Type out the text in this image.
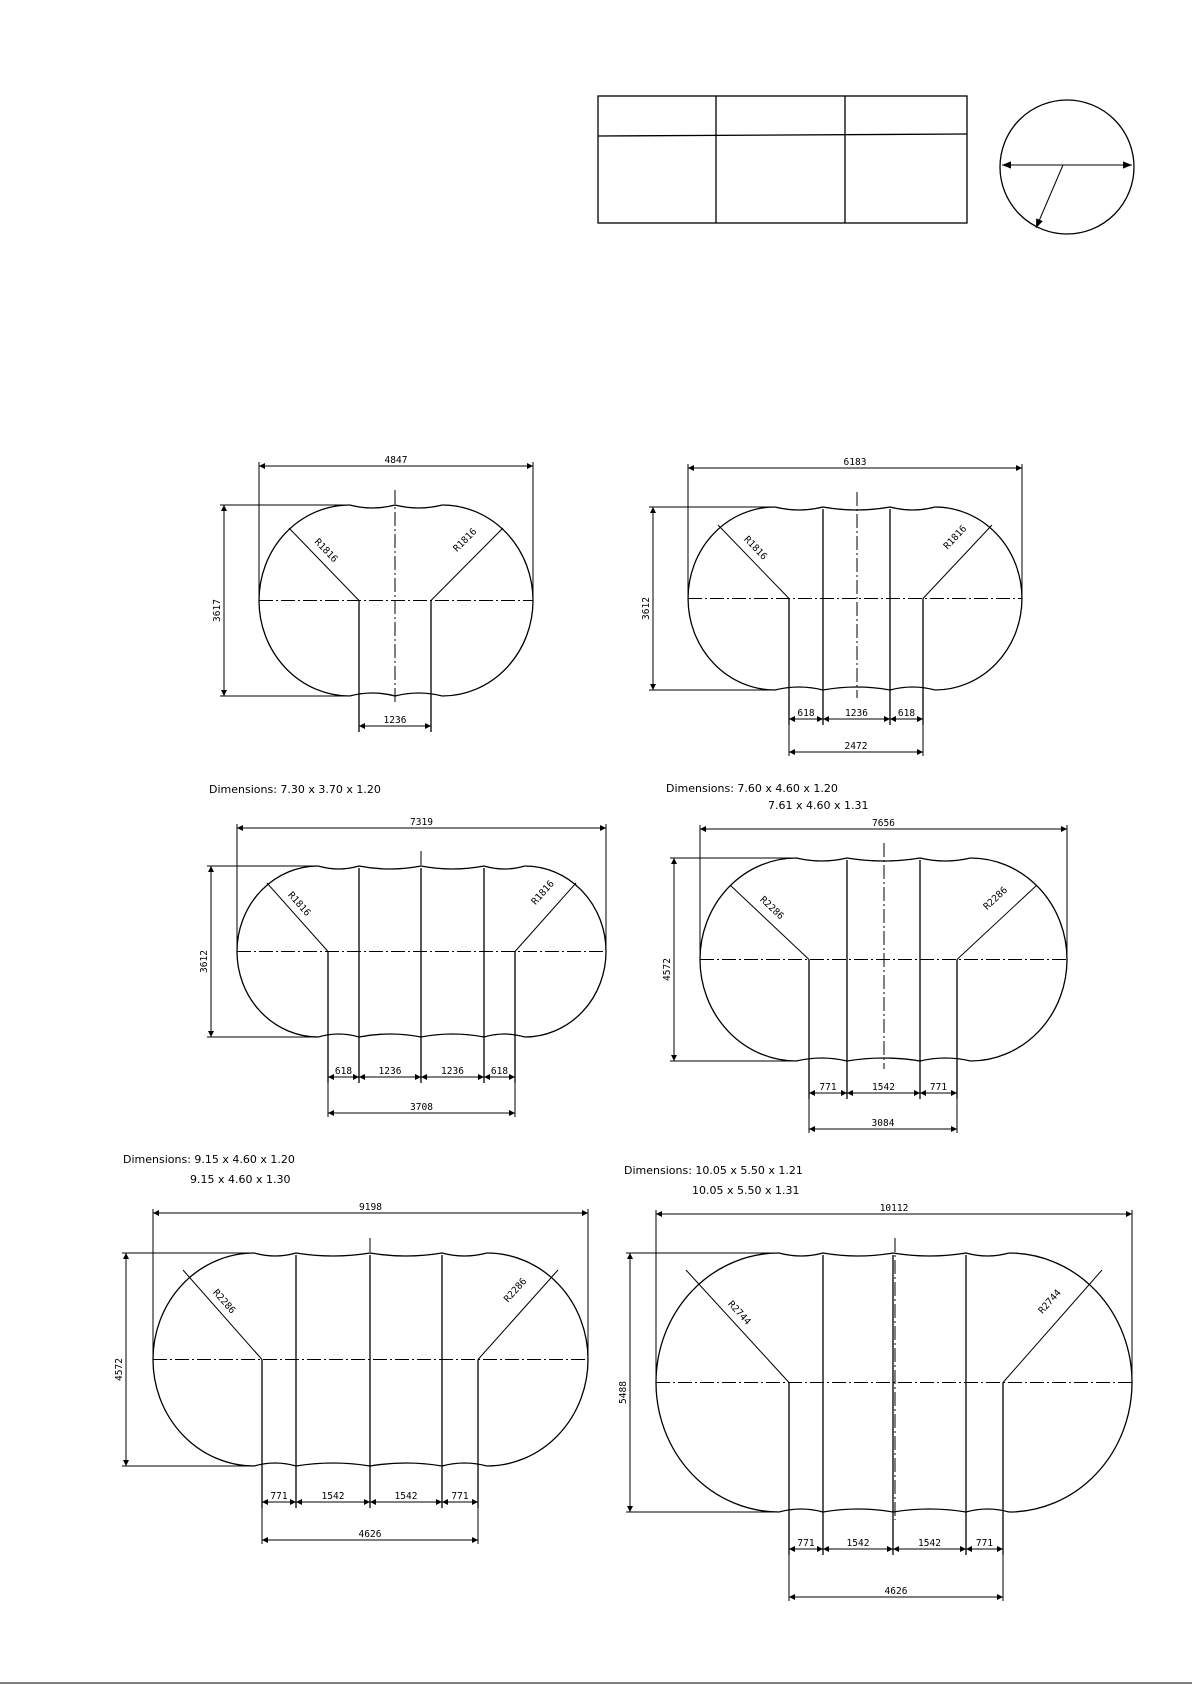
Dimensions: 7.30 x 3.70 x 1.20	Dimensions: 7.60 x 4.60 x 1.20
7.61 x 4.60 x 1.31
Dimensions: 9.15 x 4.60 x 1.20
9.15 x 4.60 x 1.30
Dimensions: 10.05 x 5.50 x 1.21
10.05 x 5.50 x 1.31
R1816	R1816
4847
3617
1236
R1816	R1816
6183
3612
618	1236	618
2472
R1816	R1816
7319
3612
618	1236	1236	618
3708
R2286	R2286
7656
4572
771	1542	771
3084
R2286	R2286
9198
4572
771	1542	1542	771
4626
R2744	R2744
10112
5488
771	1542	1542	771
4626
